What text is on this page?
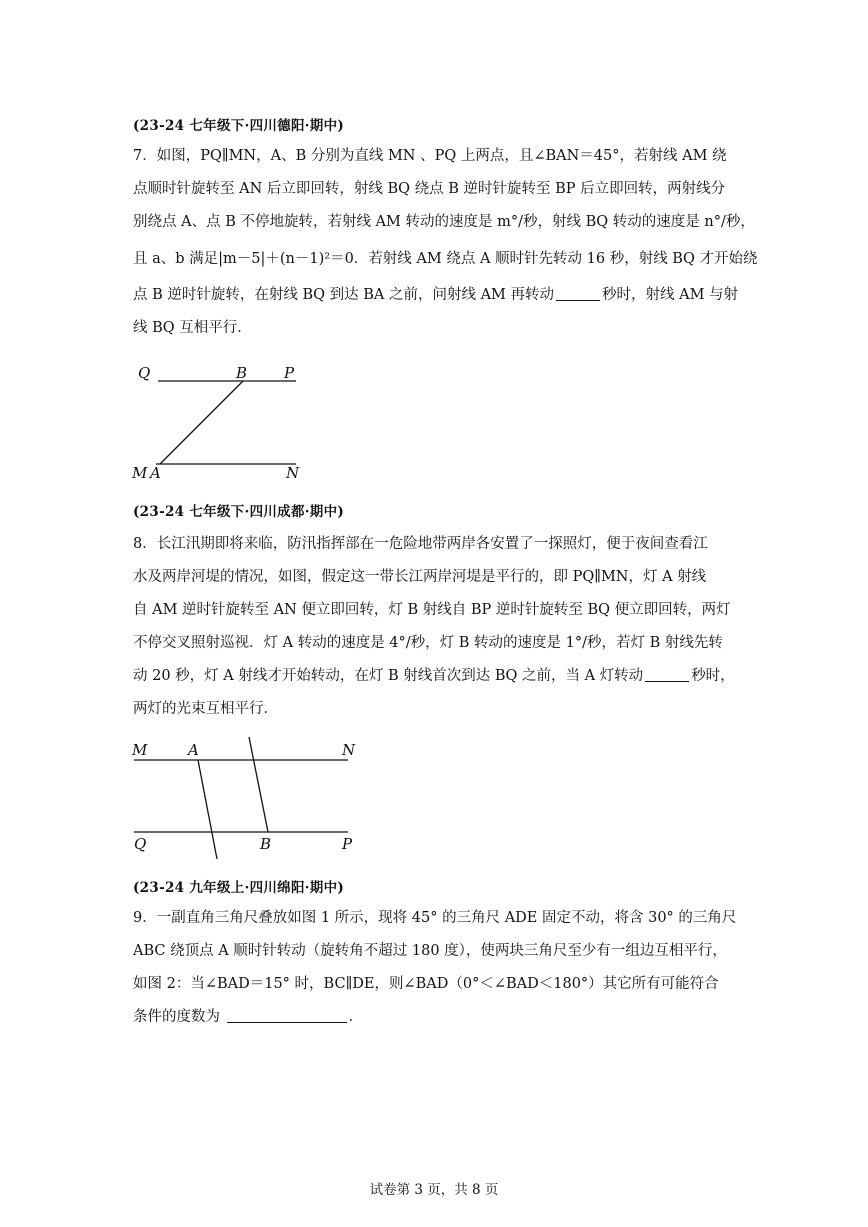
(23-24 七年级下·四川德阳·期中)
7．如图，PQ∥MN，A、B 分别为直线 MN 、PQ 上两点，且∠BAN＝45°，若射线 AM 绕
点顺时针旋转至 AN 后立即回转，射线 BQ 绕点 B 逆时针旋转至 BP 后立即回转，两射线分
别绕点 A、点 B 不停地旋转，若射线 AM 转动的速度是 m°/秒，射线 BQ 转动的速度是 n°/秒，
且 a、b 满足|m－5|＋(n－1)²＝0．若射线 AM 绕点 A 顺时针先转动 16 秒，射线 BQ 才开始绕
点 B 逆时针旋转，在射线 BQ 到达 BA 之前，问射线 AM 再转动	秒时，射线 AM 与射
线 BQ 互相平行．
Q	B P
M A	N
(23-24 七年级下·四川成都·期中)
8．长江汛期即将来临，防汛指挥部在一危险地带两岸各安置了一探照灯，便于夜间查看江
水及两岸河堤的情况，如图，假定这一带长江两岸河堤是平行的，即 PQ∥MN，灯 A 射线
自 AM 逆时针旋转至 AN 便立即回转，灯 B 射线自 BP 逆时针旋转至 BQ 便立即回转，两灯
不停交叉照射巡视．灯 A 转动的速度是 4°/秒，灯 B 转动的速度是 1°/秒，若灯 B 射线先转
动 20 秒，灯 A 射线才开始转动，在灯 B 射线首次到达 BQ 之前，当 A 灯转动	秒时，
两灯的光束互相平行．
M	A	N
Q	B	P
(23-24 九年级上·四川绵阳·期中)
9．一副直角三角尺叠放如图 1 所示，现将 45° 的三角尺 ADE 固定不动，将含 30° 的三角尺
ABC 绕顶点 A 顺时针转动（旋转角不超过 180 度），使两块三角尺至少有一组边互相平行，
如图 2：当∠BAD＝15° 时，BC∥DE，则∠BAD（0°＜∠BAD＜180°）其它所有可能符合
条件的度数为	．
试卷第 3 页，共 8 页
